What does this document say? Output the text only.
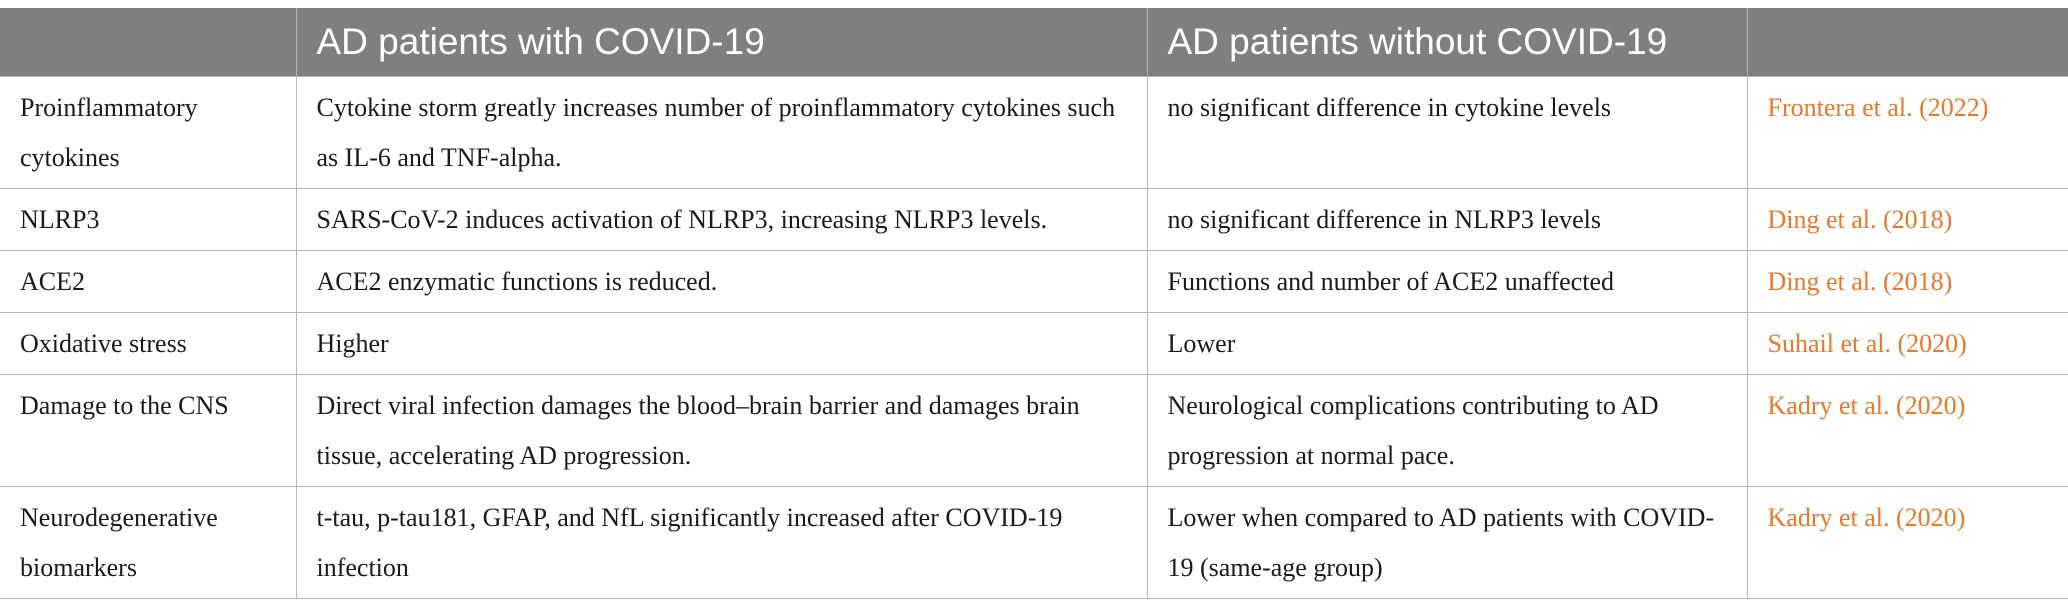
	AD patients with COVID-19	AD patients without COVID-19	
Proinflammatory cytokines	Cytokine storm greatly increases number of proinflammatory cytokines such as IL-6 and TNF-alpha.	no significant difference in cytokine levels	Frontera et al. (2022)
NLRP3	SARS-CoV-2 induces activation of NLRP3, increasing NLRP3 levels.	no significant difference in NLRP3 levels	Ding et al. (2018)
ACE2	ACE2 enzymatic functions is reduced.	Functions and number of ACE2 unaffected	Ding et al. (2018)
Oxidative stress	Higher	Lower	Suhail et al. (2020)
Damage to the CNS	Direct viral infection damages the blood–brain barrier and damages brain tissue, accelerating AD progression.	Neurological complications contributing to AD progression at normal pace.	Kadry et al. (2020)
Neurodegenerative biomarkers	t-tau, p-tau181, GFAP, and NfL significantly increased after COVID-19 infection	Lower when compared to AD patients with COVID-19 (same-age group)	Kadry et al. (2020)
